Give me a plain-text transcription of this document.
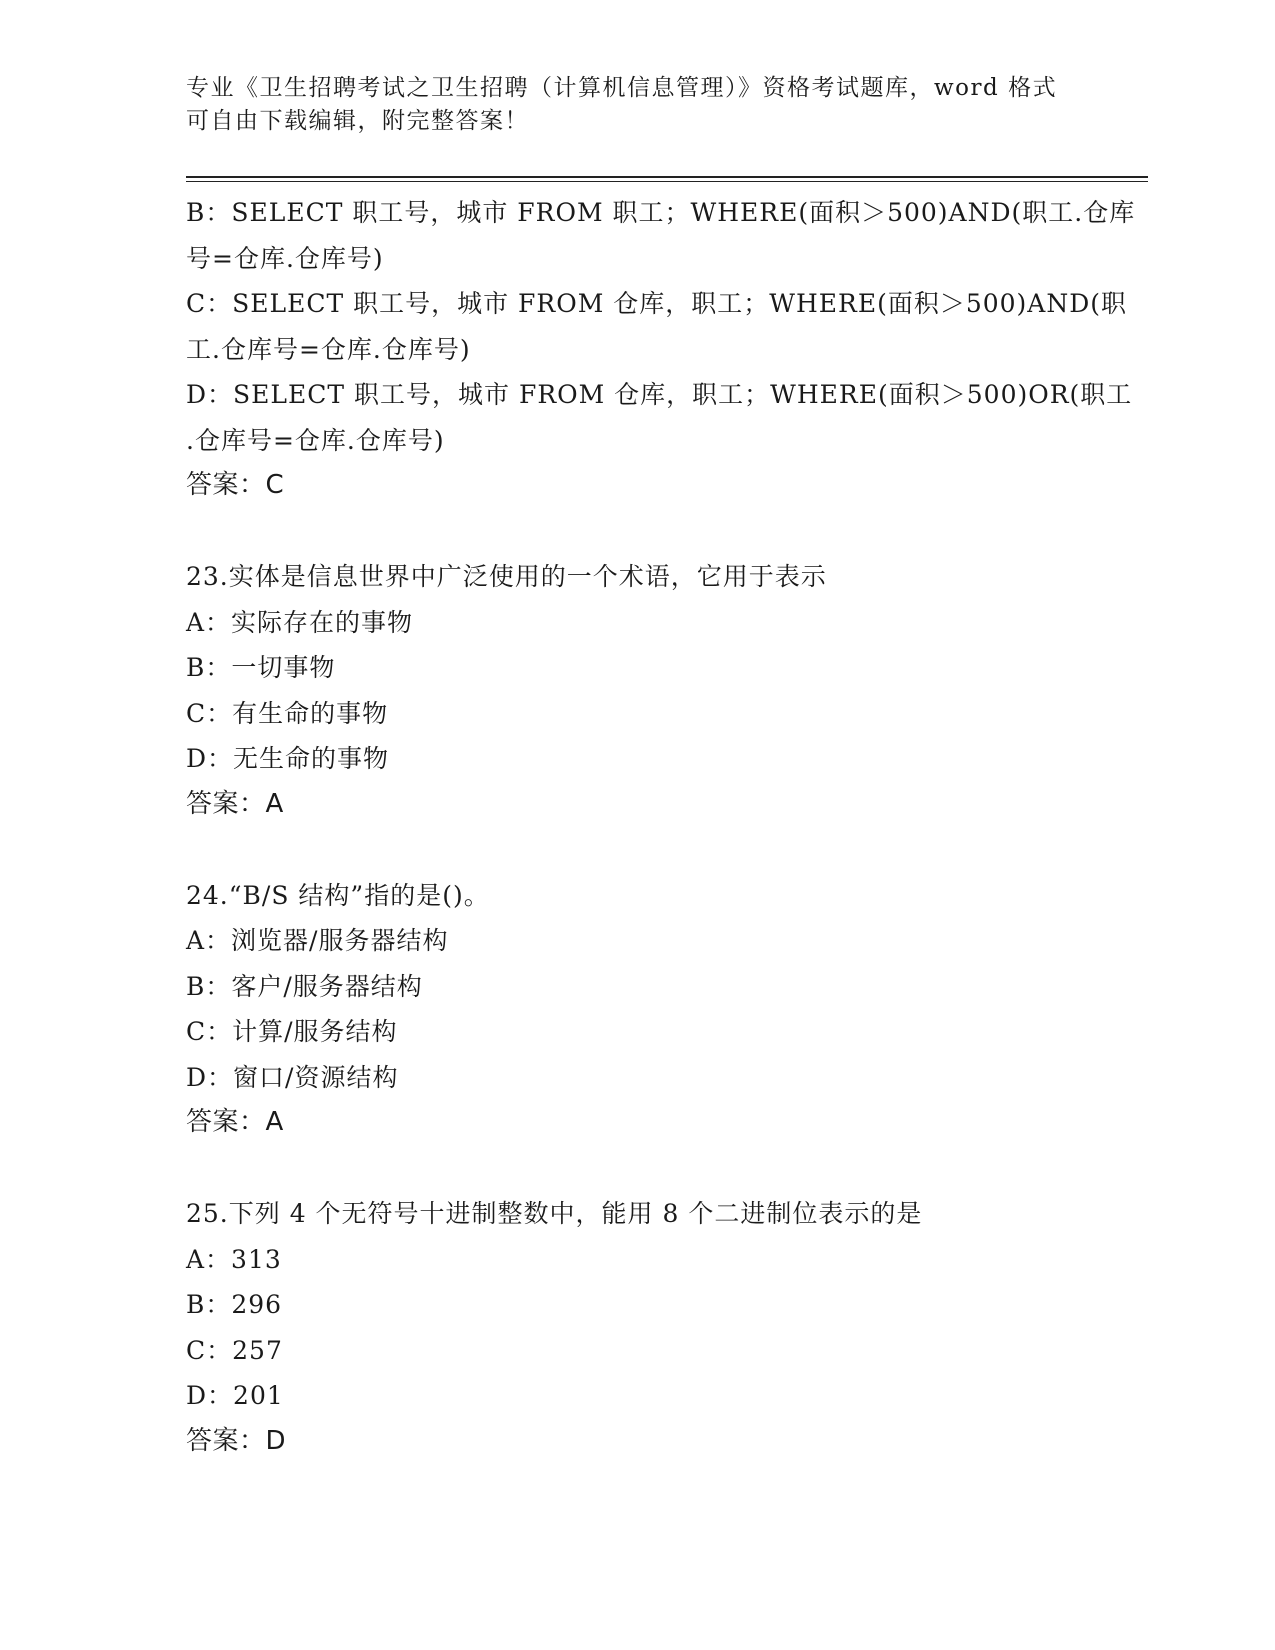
专业《卫生招聘考试之卫生招聘（计算机信息管理）》资格考试题库，word 格式
可自由下载编辑，附完整答案！
B：SELECT 职工号，城市 FROM 职工；WHERE(面积＞500)AND(职工.仓库
号=仓库.仓库号)
C：SELECT 职工号，城市 FROM 仓库，职工；WHERE(面积＞500)AND(职
工.仓库号=仓库.仓库号)
D：SELECT 职工号，城市 FROM 仓库，职工；WHERE(面积＞500)OR(职工
.仓库号=仓库.仓库号)
答案：C
23.实体是信息世界中广泛使用的一个术语，它用于表示
A：实际存在的事物
B：一切事物
C：有生命的事物
D：无生命的事物
答案：A
24.“B/S 结构”指的是()。
A：浏览器/服务器结构
B：客户/服务器结构
C：计算/服务结构
D：窗口/资源结构
答案：A
25.下列 4 个无符号十进制整数中，能用 8 个二进制位表示的是
A：313
B：296
C：257
D：201
答案：D
